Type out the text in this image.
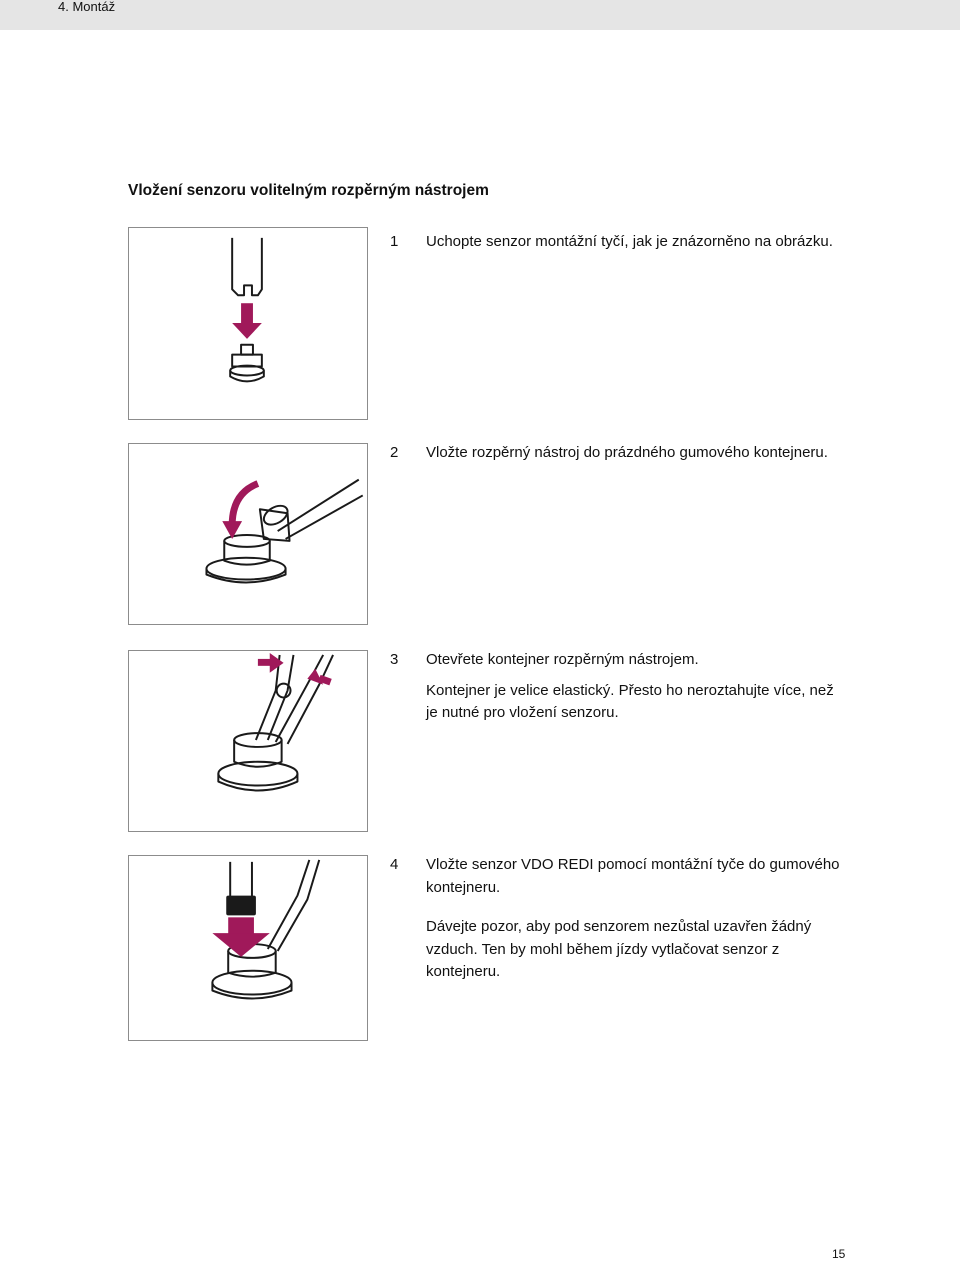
4. Montáž
Vložení senzoru volitelným rozpěrným nástrojem
1 Uchopte senzor montážní tyčí, jak je znázorněno na obrázku.

2 Vložte rozpěrný nástroj do prázdného gumového kontejneru.

3 Otevřete kontejner rozpěrným nástrojem.

Kontejner je velice elastický. Přesto ho neroztahujte více, než je nutné pro vložení senzoru.

4 Vložte senzor VDO REDI pomocí montážní tyče do gumového kontejneru.

Dávejte pozor, aby pod senzorem nezůstal uzavřen žádný vzduch. Ten by mohl během jízdy vytlačovat senzor z kontejneru.

15
